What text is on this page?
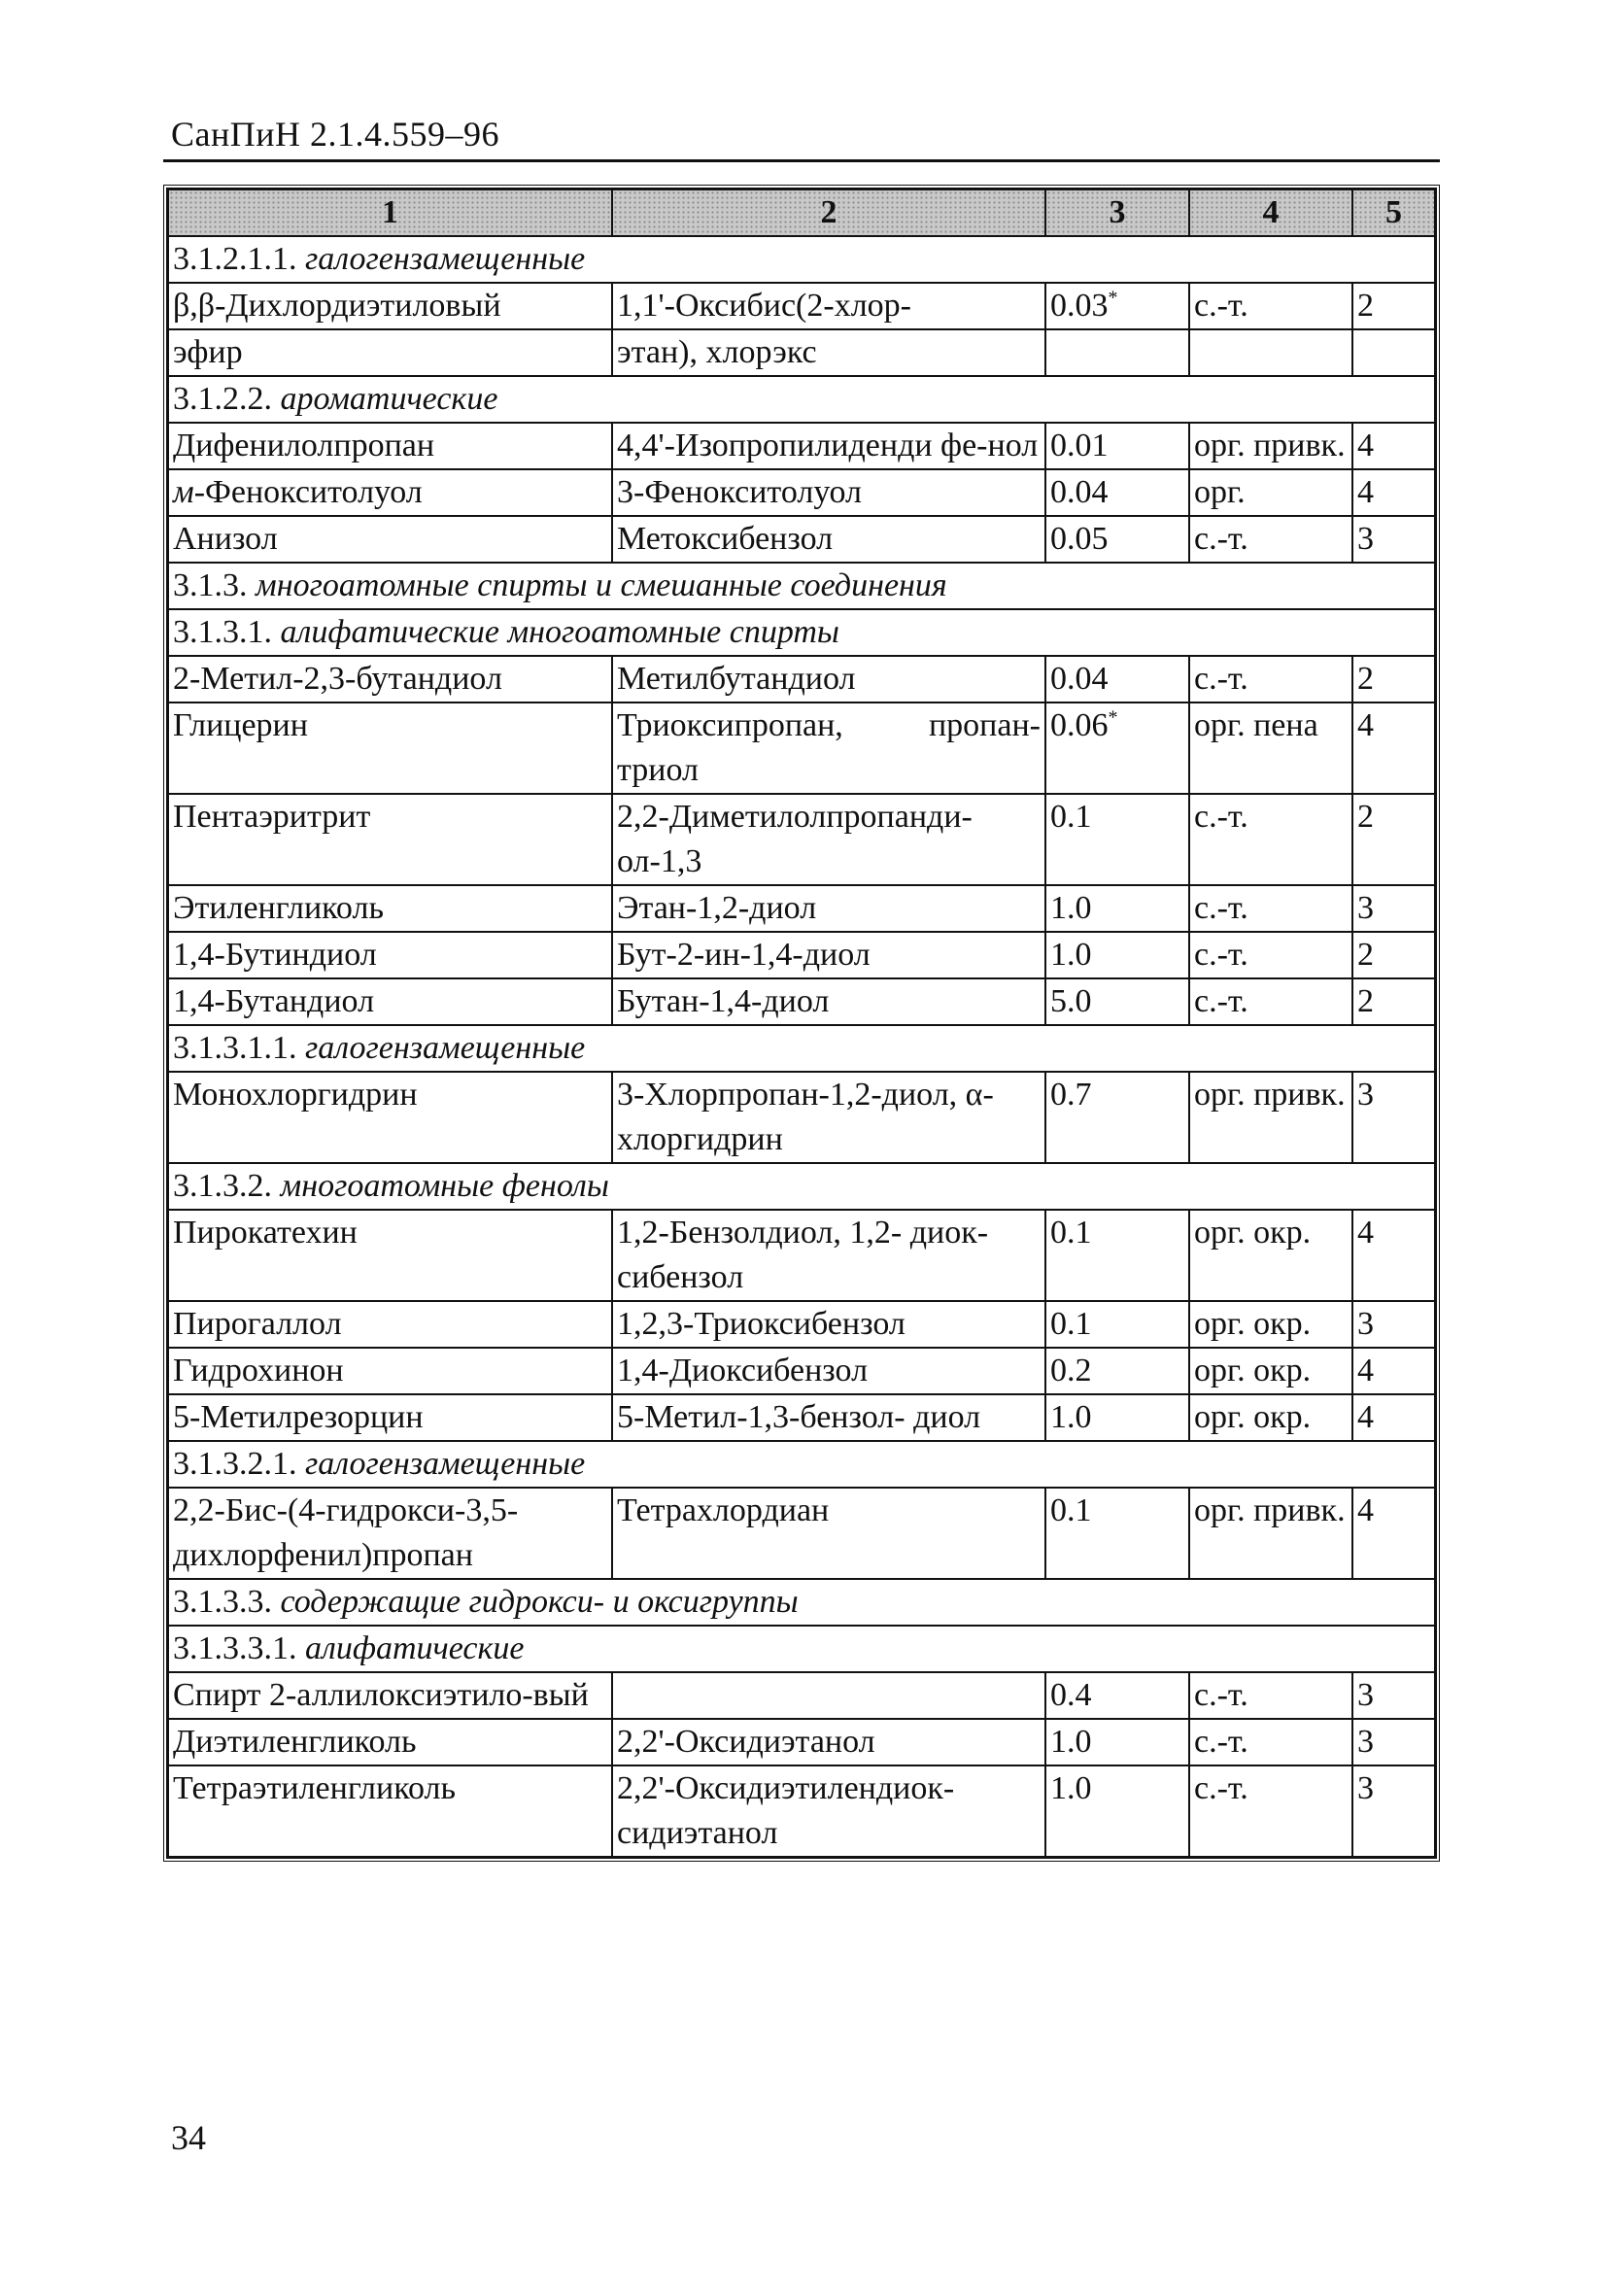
СанПиН 2.1.4.559–96
1	2	3	4	5
3.1.2.1.1. галогензамещенные				
β,β-Дихлордиэтиловый	1,1'-Оксибис(2-хлор-	0.03*	с.-т.	2
эфир	этан), хлорэкс			
3.1.2.2. ароматические				
Дифенилолпропан	4,4'-Изопропилиденди фе-нол	0.01	орг. привк.	4
м-Фенокситолуол	3-Фенокситолуол	0.04	орг.	4
Анизол	Метоксибензол	0.05	с.-т.	3
3.1.3. многоатомные спирты и смешанные соединения				
3.1.3.1. алифатические многоатомные спирты				
2-Метил-2,3-бутандиол	Метилбутандиол	0.04	с.-т.	2
Глицерин	Триоксипропан, пропан-триол	0.06*	орг. пена	4
Пентаэритрит	2,2-Диметилолпропанди-ол-1,3	0.1	с.-т.	2
Этиленгликоль	Этан-1,2-диол	1.0	с.-т.	3
1,4-Бутиндиол	Бут-2-ин-1,4-диол	1.0	с.-т.	2
1,4-Бутандиол	Бутан-1,4-диол	5.0	с.-т.	2
3.1.3.1.1. галогензамещенные				
Монохлоргидрин	3-Хлорпропан-1,2-диол, α-хлоргидрин	0.7	орг. привк.	3
3.1.3.2. многоатомные фенолы				
Пирокатехин	1,2-Бензолдиол, 1,2- диок-сибензол	0.1	орг. окр.	4
Пирогаллол	1,2,3-Триоксибензол	0.1	орг. окр.	3
Гидрохинон	1,4-Диоксибензол	0.2	орг. окр.	4
5-Метилрезорцин	5-Метил-1,3-бензол- диол	1.0	орг. окр.	4
3.1.3.2.1. галогензамещенные				
2,2-Бис-(4-гидрокси-3,5-дихлорфенил)пропан	Тетрахлордиан	0.1	орг. привк.	4
3.1.3.3. содержащие гидрокси- и оксигруппы				
3.1.3.3.1. алифатические				
Спирт 2-аллилоксиэтило-вый		0.4	с.-т.	3
Диэтиленгликоль	2,2'-Оксидиэтанол	1.0	с.-т.	3
Тетраэтиленгликоль	2,2'-Оксидиэтилендиок-сидиэтанол	1.0	с.-т.	3
34
